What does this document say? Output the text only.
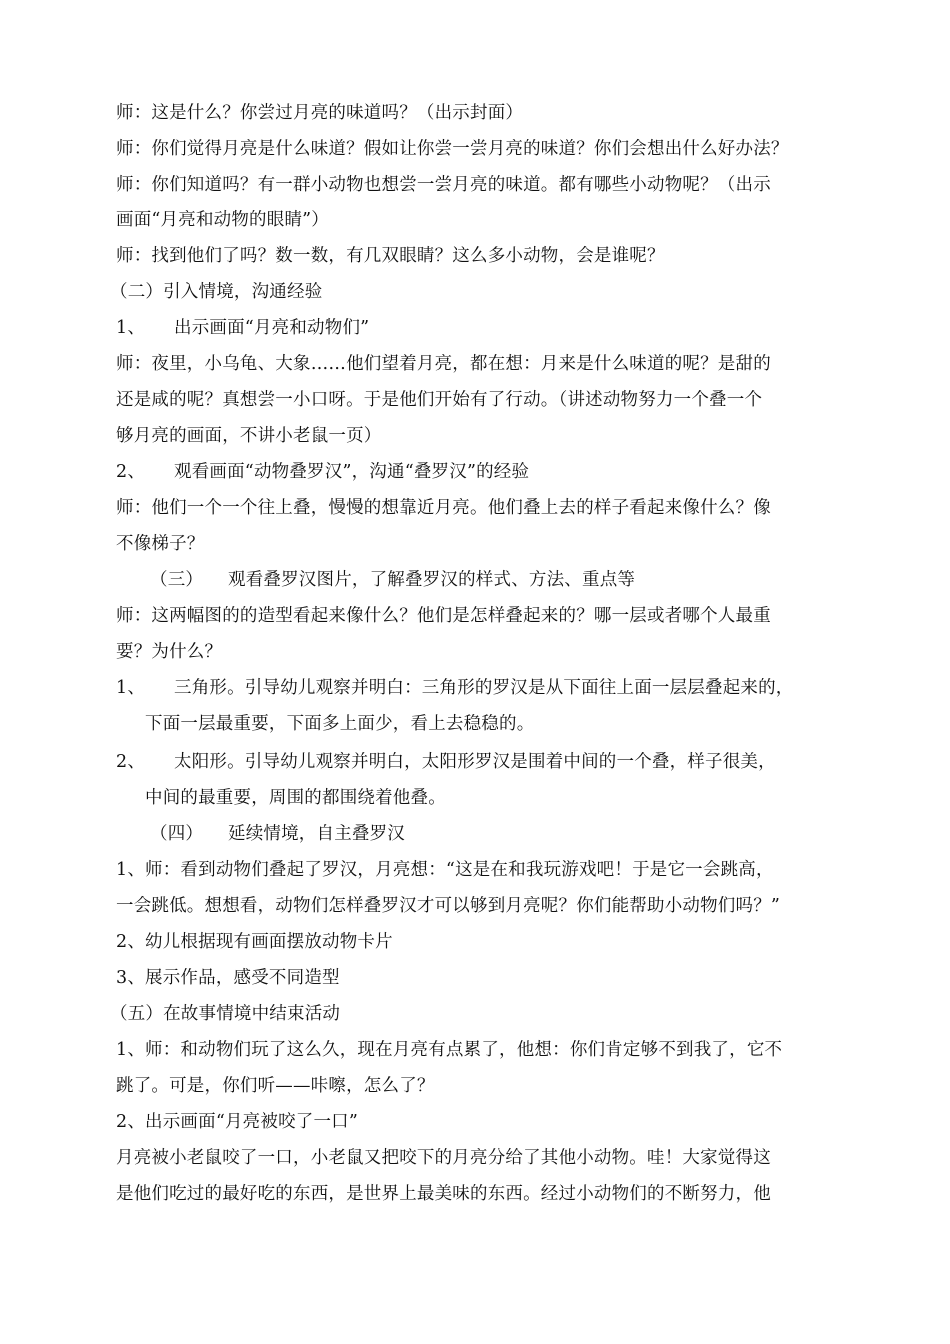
师：这是什么？你尝过月亮的味道吗？（出示封面）
师：你们觉得月亮是什么味道？假如让你尝一尝月亮的味道？你们会想出什么好办法？
师：你们知道吗？有一群小动物也想尝一尝月亮的味道。都有哪些小动物呢？（出示
画面“月亮和动物的眼睛”）
师：找到他们了吗？数一数，有几双眼睛？这么多小动物，会是谁呢？
（二）引入情境，沟通经验
1、 出示画面“月亮和动物们”
师：夜里，小乌龟、大象……他们望着月亮，都在想：月来是什么味道的呢？是甜的
还是咸的呢？真想尝一小口呀。于是他们开始有了行动。（讲述动物努力一个叠一个
够月亮的画面，不讲小老鼠一页）
2、 观看画面“动物叠罗汉”，沟通“叠罗汉”的经验
师：他们一个一个往上叠，慢慢的想靠近月亮。他们叠上去的样子看起来像什么？像
不像梯子？
（三） 观看叠罗汉图片，了解叠罗汉的样式、方法、重点等
师：这两幅图的的造型看起来像什么？他们是怎样叠起来的？哪一层或者哪个人最重
要？为什么？
1、 三角形。引导幼儿观察并明白：三角形的罗汉是从下面往上面一层层叠起来的，
下面一层最重要，下面多上面少，看上去稳稳的。
2、 太阳形。引导幼儿观察并明白，太阳形罗汉是围着中间的一个叠，样子很美，
中间的最重要，周围的都围绕着他叠。
（四） 延续情境，自主叠罗汉
1、师：看到动物们叠起了罗汉，月亮想：“这是在和我玩游戏吧！于是它一会跳高，
一会跳低。想想看，动物们怎样叠罗汉才可以够到月亮呢？你们能帮助小动物们吗？”
2、幼儿根据现有画面摆放动物卡片
3、展示作品，感受不同造型
（五）在故事情境中结束活动
1、师：和动物们玩了这么久，现在月亮有点累了，他想：你们肯定够不到我了，它不
跳了。可是，你们听——咔嚓，怎么了？
2、出示画面“月亮被咬了一口”
月亮被小老鼠咬了一口，小老鼠又把咬下的月亮分给了其他小动物。哇！大家觉得这
是他们吃过的最好吃的东西，是世界上最美味的东西。经过小动物们的不断努力，他
